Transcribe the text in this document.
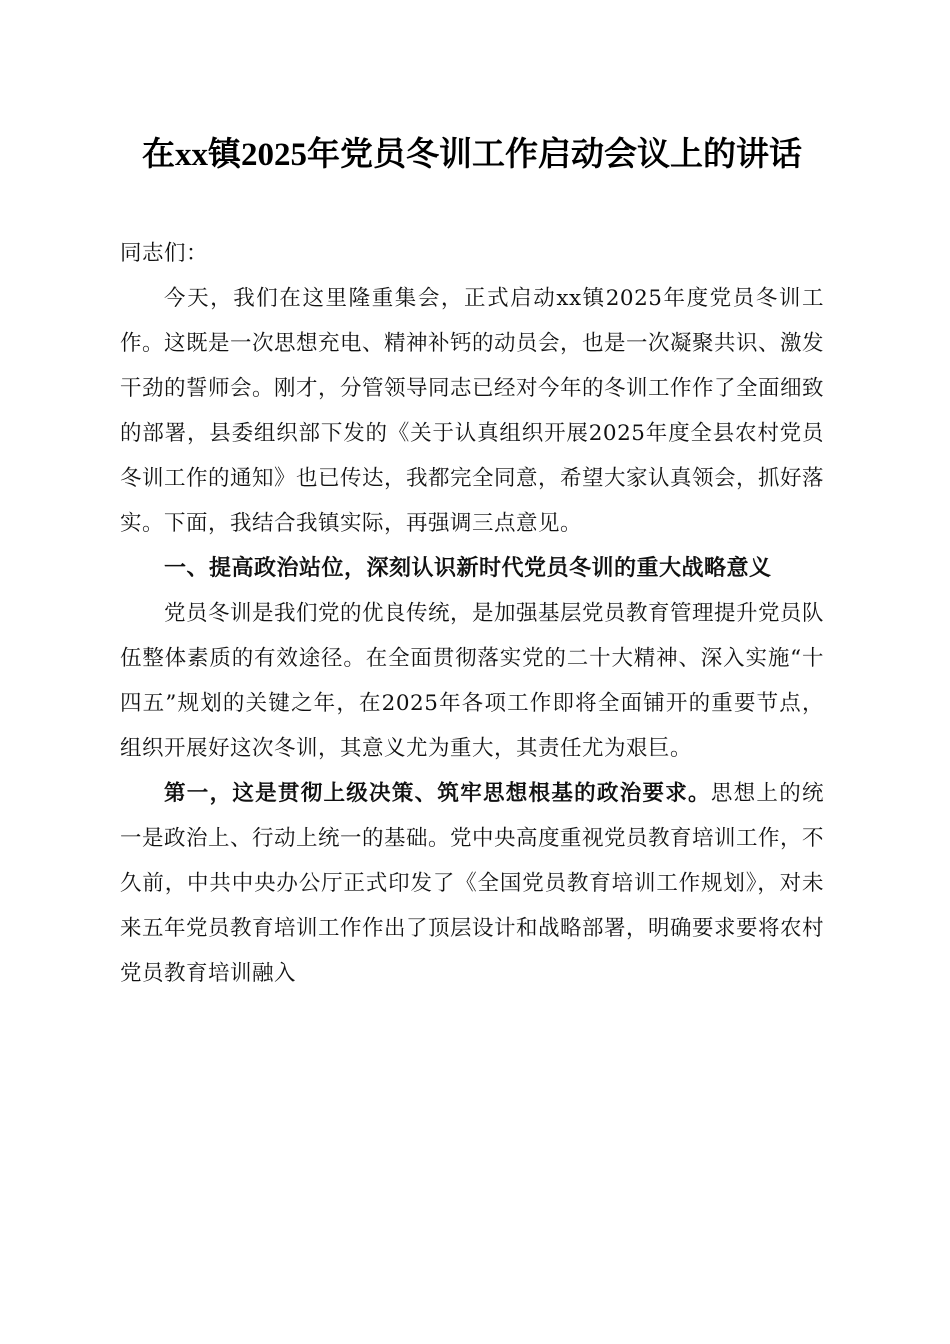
在xx镇2025年党员冬训工作启动会议上的讲话
同志们：

今天，我们在这里隆重集会，正式启动xx镇2025年度党员冬训工作。这既是一次思想充电、精神补钙的动员会，也是一次凝聚共识、激发干劲的誓师会。刚才，分管领导同志已经对今年的冬训工作作了全面细致的部署，县委组织部下发的《关于认真组织开展2025年度全县农村党员冬训工作的通知》也已传达，我都完全同意，希望大家认真领会，抓好落实。下面，我结合我镇实际，再强调三点意见。

一、提高政治站位，深刻认识新时代党员冬训的重大战略意义

党员冬训是我们党的优良传统，是加强基层党员教育管理提升党员队伍整体素质的有效途径。在全面贯彻落实党的二十大精神、深入实施“十四五”规划的关键之年，在2025年各项工作即将全面铺开的重要节点，组织开展好这次冬训，其意义尤为重大，其责任尤为艰巨。

第一，这是贯彻上级决策、筑牢思想根基的政治要求。思想上的统一是政治上、行动上统一的基础。党中央高度重视党员教育培训工作，不久前，中共中央办公厅正式印发了《全国党员教育培训工作规划》，对未来五年党员教育培训工作作出了顶层设计和战略部署，明确要求要将农村党员教育培训融入
